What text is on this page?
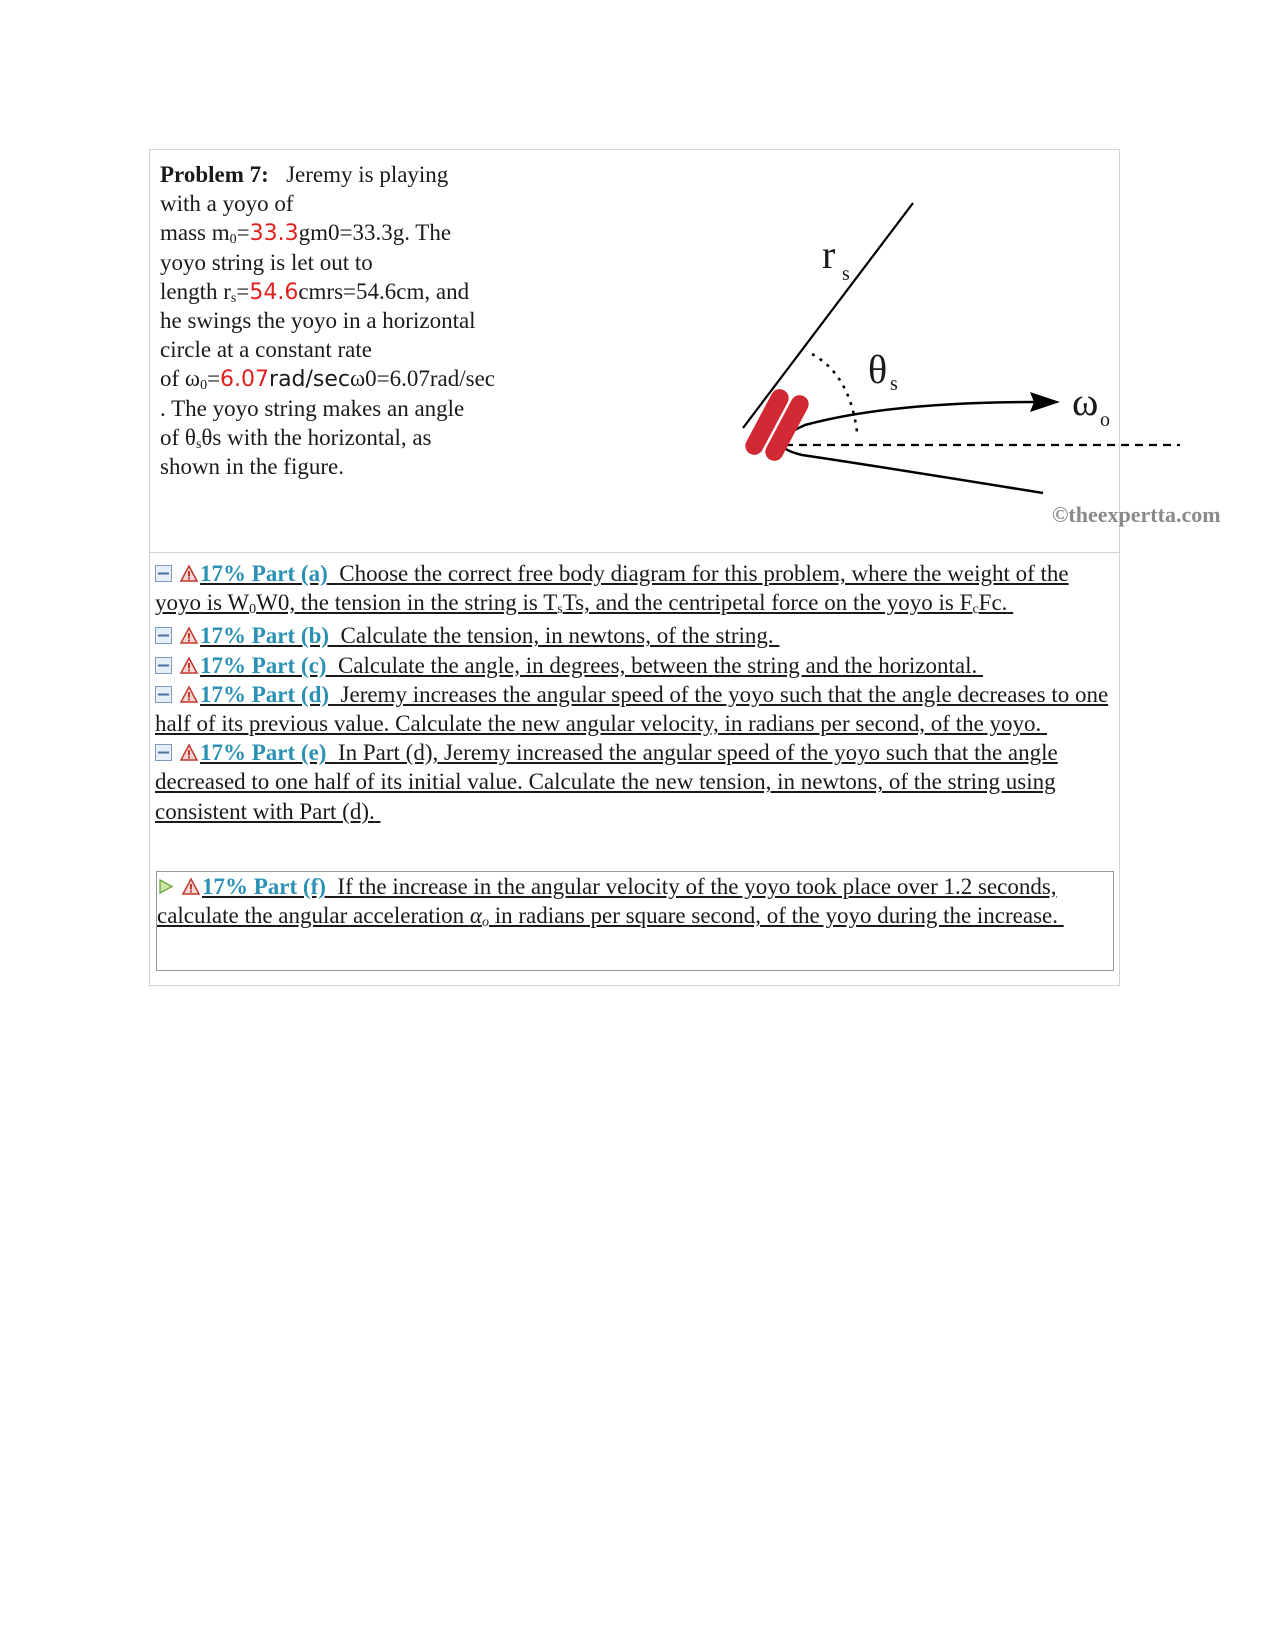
Problem 7: Jeremy is playing
with a yoyo of
mass m0=33.3gm0=33.3g. The
yoyo string is let out to
length rs=54.6cmrs=54.6cm, and
he swings the yoyo in a horizontal
circle at a constant rate
of ω0=6.07rad/secω0=6.07rad/sec
. The yoyo string makes an angle
of θsθs with the horizontal, as
shown in the figure.
r s
θ s	ω o
©theexpertta.com
17% Part (a) Choose the correct free body diagram for this problem, where the weight of the yoyo is W0W0, the tension in the string is TsTs, and the centripetal force on the yoyo is FcFc.
17% Part (b) Calculate the tension, in newtons, of the string.
17% Part (c) Calculate the angle, in degrees, between the string and the horizontal.
17% Part (d) Jeremy increases the angular speed of the yoyo such that the angle decreases to one half of its previous value. Calculate the new angular velocity, in radians per second, of the yoyo.
17% Part (e) In Part (d), Jeremy increased the angular speed of the yoyo such that the angle decreased to one half of its initial value. Calculate the new tension, in newtons, of the string using consistent with Part (d).
17% Part (f) If the increase in the angular velocity of the yoyo took place over 1.2 seconds, calculate the angular acceleration αo in radians per square second, of the yoyo during the increase.
